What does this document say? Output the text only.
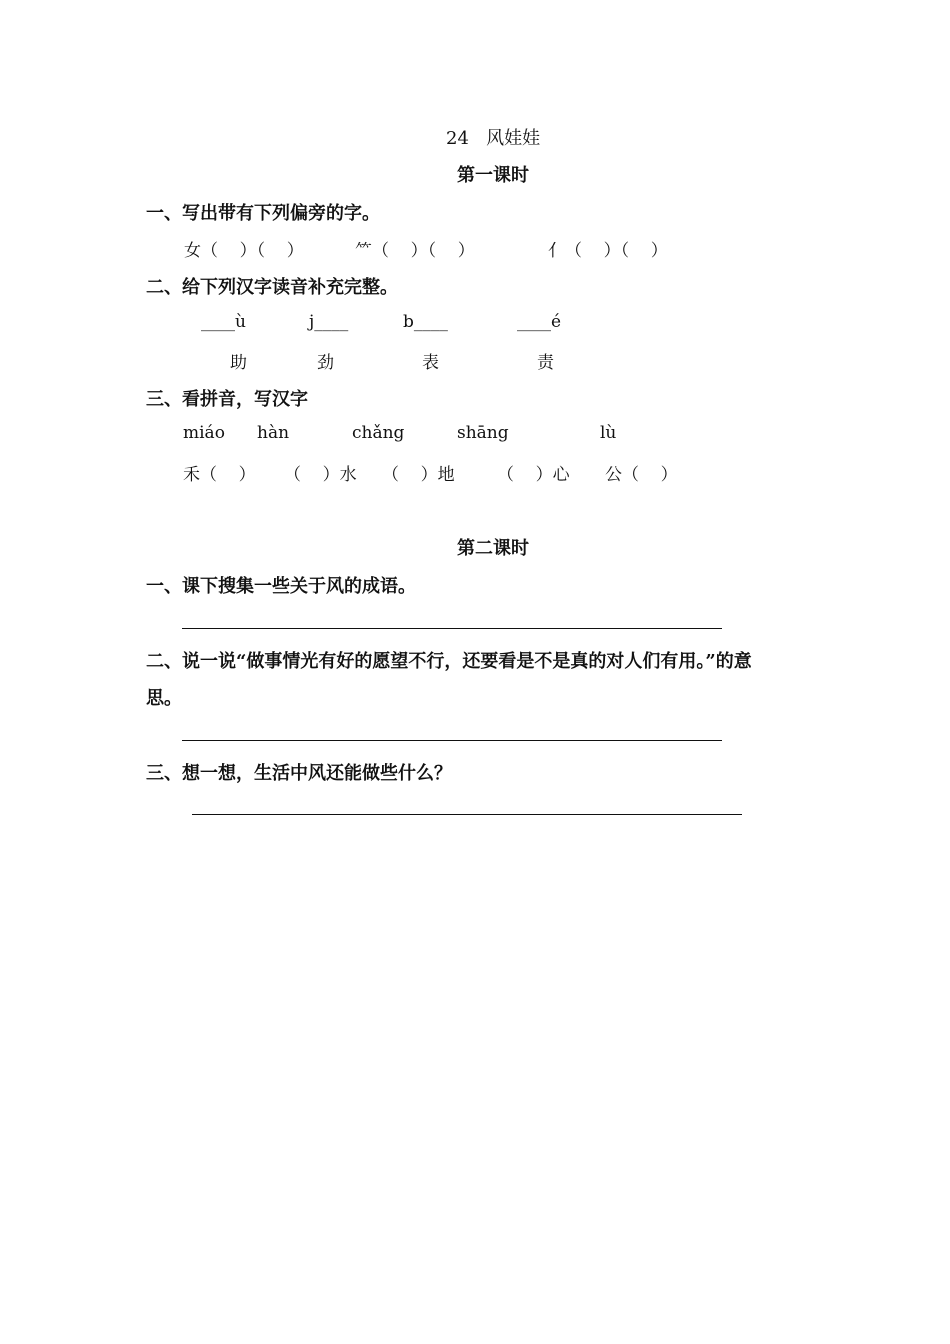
24   风娃娃
第一课时
一、写出带有下列偏旁的字。
女（    ）（    ）	⺮（    ）（    ）	亻（    ）（    ）
二、给下列汉字读音补充完整。
____ù	j____	b____	____é
助	劲	表	责
三、看拼音，写汉字
miáo hàn	chǎng	shāng	lù
禾（    ） （    ）水 （    ）地 （    ）心 公（    ）
第二课时
一、课下搜集一些关于风的成语。
二、说一说“做事情光有好的愿望不行，还要看是不是真的对人们有用。”的意
思。
三、想一想，生活中风还能做些什么？
